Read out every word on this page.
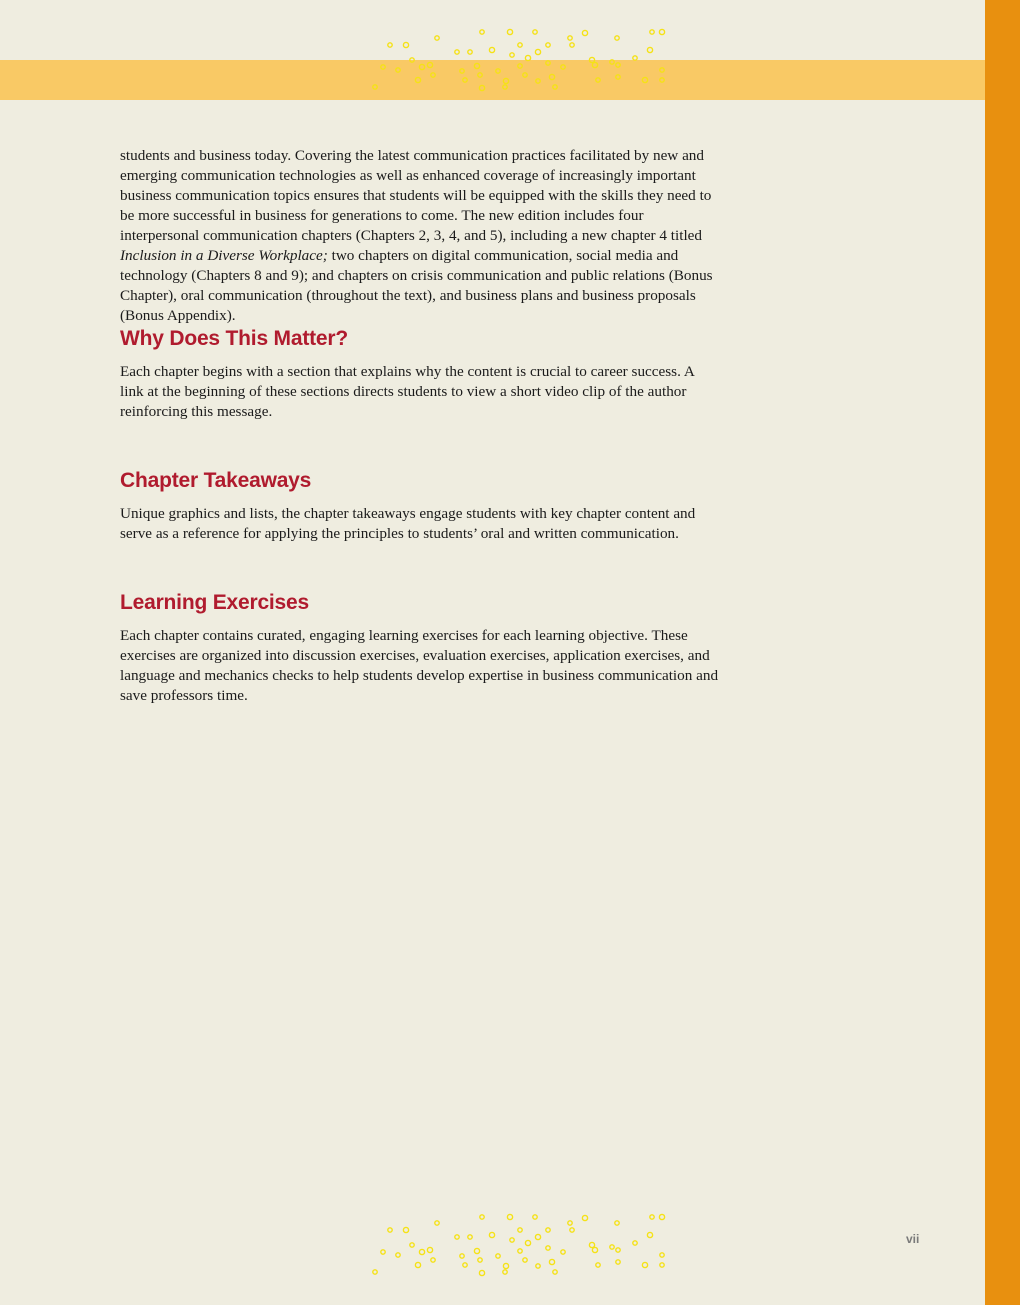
students and business today. Covering the latest communication practices facilitated by new and emerging communication technologies as well as enhanced coverage of increasingly important business communication topics ensures that students will be equipped with the skills they need to be more successful in business for generations to come. The new edition includes four interpersonal communication chapters (Chapters 2, 3, 4, and 5), including a new chapter 4 titled Inclusion in a Diverse Workplace; two chapters on digital communication, social media and technology (Chapters 8 and 9); and chapters on crisis communication and public relations (Bonus Chapter), oral communication (throughout the text), and business plans and business proposals (Bonus Appendix).

Why Does This Matter?

Each chapter begins with a section that explains why the content is crucial to career success. A link at the beginning of these sections directs students to view a short video clip of the author reinforcing this message.

Chapter Takeaways

Unique graphics and lists, the chapter takeaways engage students with key chapter content and serve as a reference for applying the principles to students’ oral and written communication.

Learning Exercises

Each chapter contains curated, engaging learning exercises for each learning objective. These exercises are organized into discussion exercises, evaluation exercises, application exercises, and language and mechanics checks to help students develop expertise in business communication and save professors time.

vii
